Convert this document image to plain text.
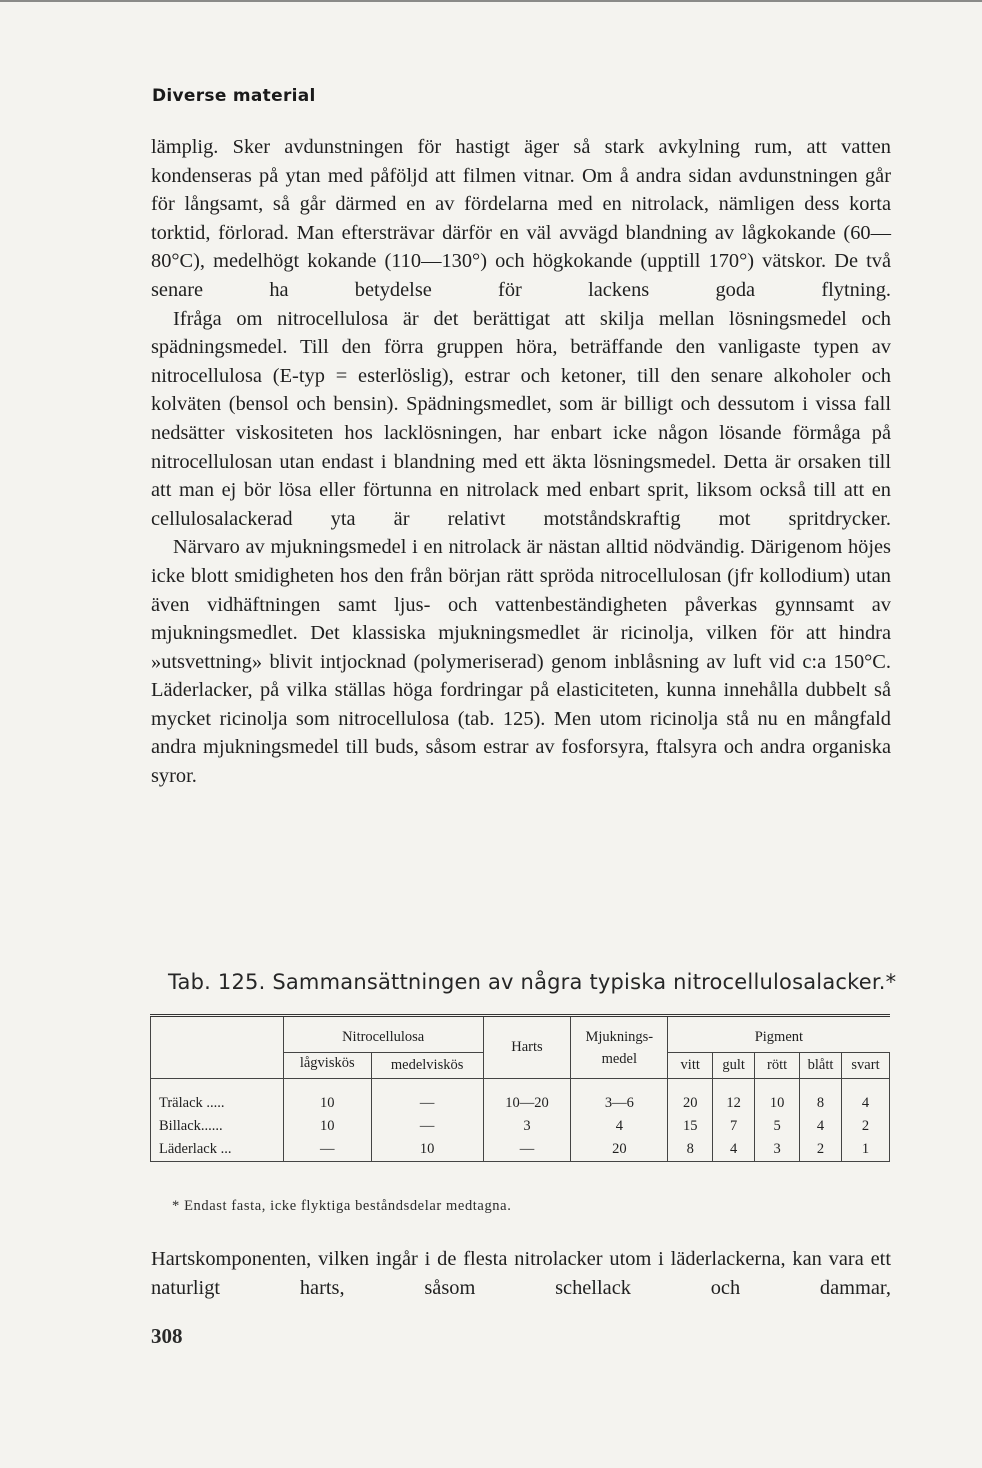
Diverse material

lämplig. Sker avdunstningen för hastigt äger så stark avkylning rum, att vatten kondenseras på ytan med påföljd att filmen vitnar. Om å andra sidan avdunstningen går för långsamt, så går därmed en av fördelarna med en nitrolack, nämligen dess korta torktid, förlorad. Man eftersträvar därför en väl avvägd blandning av lågkokande (60—80°C), medelhögt kokande (110—130°) och högkokande (upptill 170°) vätskor. De två senare ha betydelse för lackens goda flytning.

Ifråga om nitrocellulosa är det berättigat att skilja mellan lösningsmedel och spädningsmedel. Till den förra gruppen höra, beträffande den vanligaste typen av nitrocellulosa (E-typ = esterlöslig), estrar och ketoner, till den senare alkoholer och kolväten (bensol och bensin). Spädningsmedlet, som är billigt och dessutom i vissa fall nedsätter viskositeten hos lacklösningen, har enbart icke någon lösande förmåga på nitrocellulosan utan endast i blandning med ett äkta lösningsmedel. Detta är orsaken till att man ej bör lösa eller förtunna en nitrolack med enbart sprit, liksom också till att en cellulosalackerad yta är relativt motståndskraftig mot spritdrycker.

Närvaro av mjukningsmedel i en nitrolack är nästan alltid nödvändig. Därigenom höjes icke blott smidigheten hos den från början rätt spröda nitrocellulosan (jfr kollodium) utan även vidhäftningen samt ljus- och vattenbeständigheten påverkas gynnsamt av mjukningsmedlet. Det klassiska mjukningsmedlet är ricinolja, vilken för att hindra »utsvettning» blivit intjocknad (polymeriserad) genom inblåsning av luft vid c:a 150°C. Läderlacker, på vilka ställas höga fordringar på elasticiteten, kunna innehålla dubbelt så mycket ricinolja som nitrocellulosa (tab. 125). Men utom ricinolja stå nu en mångfald andra mjukningsmedel till buds, såsom estrar av fosforsyra, ftalsyra och andra organiska syror.

Tab. 125. Sammansättningen av några typiska nitrocellulosalacker.*
	Nitrocellulosa		Harts	Mjuknings-medel	Pigment				
	lågviskös	medelviskös			vitt	gult	rött	blått	svart
Trälack .....	10	—	10—20	3—6	20	12	10	8	4
Billack......	10	—	3	4	15	7	5	4	2
Läderlack ...	—	10	—	20	8	4	3	2	1
* Endast fasta, icke flyktiga beståndsdelar medtagna.

Hartskomponenten, vilken ingår i de flesta nitrolacker utom i läderlackerna, kan vara ett naturligt harts, såsom schellack och dammar,

308
